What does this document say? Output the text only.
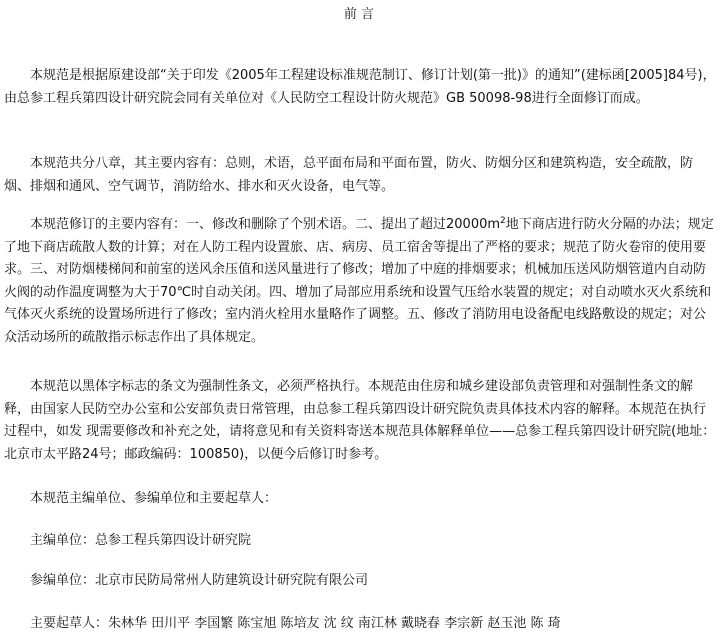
前 言

本规范是根据原建设部“关于印发《2005年工程建设标准规范制订、修订计划(第一批)》的通知”(建标函[2005]84号)，由总参工程兵第四设计研究院会同有关单位对《人民防空工程设计防火规范》GB 50098-98进行全面修订而成。

本规范共分八章，其主要内容有：总则，术语，总平面布局和平面布置，防火、防烟分区和建筑构造，安全疏散，防烟、排烟和通风、空气调节，消防给水、排水和灭火设备，电气等。

本规范修订的主要内容有：一、修改和删除了个别术语。二、提出了超过$20000m^2$地下商店进行防火分隔的办法；规定了地下商店疏散人数的计算；对在人防工程内设置旅、店、病房、员工宿舍等提出了严格的要求；规范了防火卷帘的使用要求。三、对防烟楼梯间和前室的送风余压值和送风量进行了修改；增加了中庭的排烟要求；机械加压送风防烟管道内自动防火阀的动作温度调整为大于70℃时自动关闭。四、增加了局部应用系统和设置气压给水装置的规定；对自动喷水灭火系统和气体灭火系统的设置场所进行了修改；室内消火栓用水量略作了调整。五、修改了消防用电设备配电线路敷设的规定；对公众活动场所的疏散指示标志作出了具体规定。

本规范以黑体字标志的条文为强制性条文，必须严格执行。本规范由住房和城乡建设部负责管理和对强制性条文的解释，由国家人民防空办公室和公安部负责日常管理，由总参工程兵第四设计研究院负责具体技术内容的解释。本规范在执行过程中，如发 现需要修改和补充之处，请将意见和有关资料寄送本规范具体解释单位——总参工程兵第四设计研究院(地址：北京市太平路24号；邮政编码：100850)，以便今后修订时参考。

本规范主编单位、参编单位和主要起草人：

主编单位：总参工程兵第四设计研究院

参编单位：北京市民防局常州人防建筑设计研究院有限公司

主要起草人：朱林华 田川平 李国繁 陈宝旭 陈培友 沈 纹 南江林 戴晓春 李宗新 赵玉池 陈 琦
